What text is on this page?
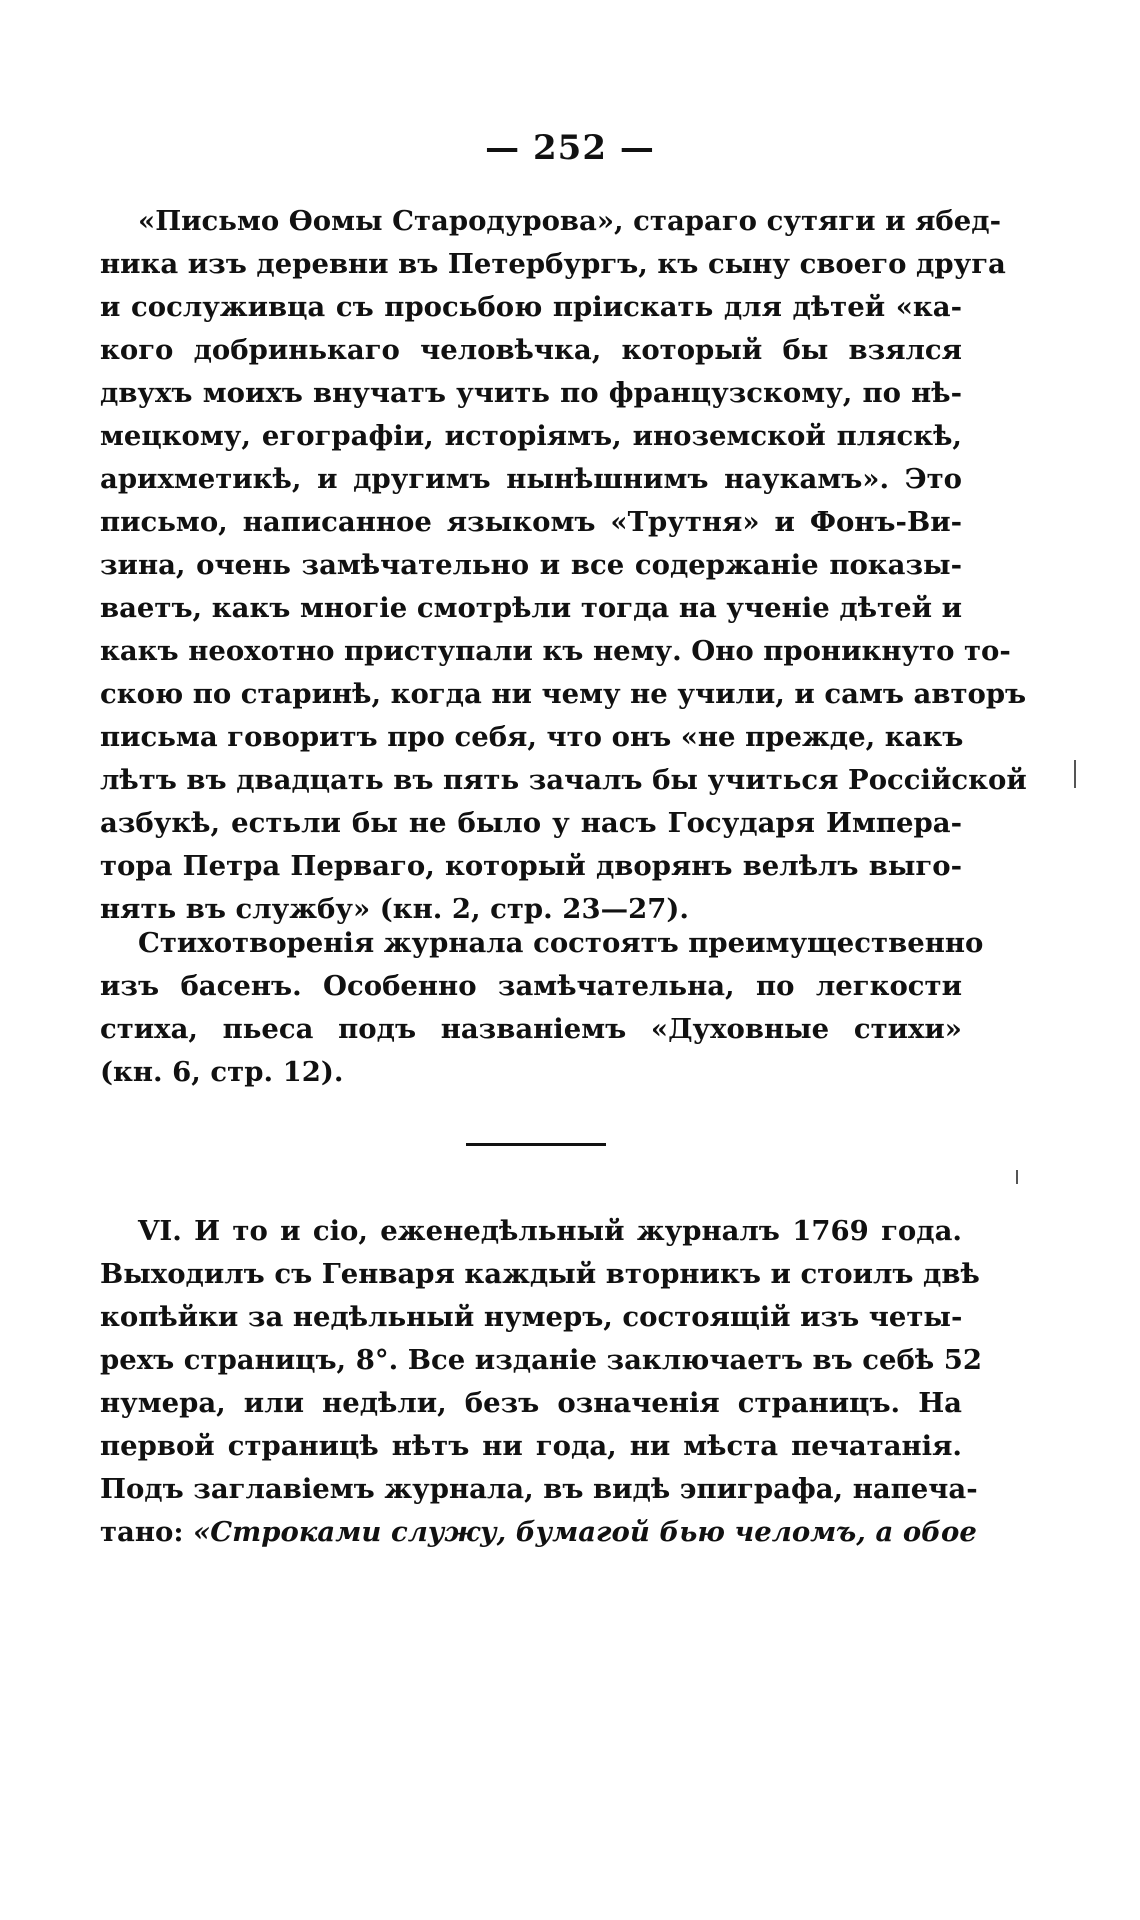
— 252 —
«Письмо Өомы Стародурова», стараго сутяги и ябед-
ника изъ деревни въ Петербургъ, къ сыну своего друга
и сослуживца съ просьбою пріискать для дѣтей «ка-
кого добринькаго человѣчка, который бы взялся
двухъ моихъ внучатъ учить по французскому, по нѣ-
мецкому, егографіи, исторіямъ, иноземской пляскѣ,
арихметикѣ, и другимъ нынѣшнимъ наукамъ». Это
письмо, написанное языкомъ «Трутня» и Фонъ-Ви-
зина, очень замѣчательно и все содержаніе показы-
ваетъ, какъ многіе смотрѣли тогда на ученіе дѣтей и
какъ неохотно приступали къ нему. Оно проникнуто то-
скою по старинѣ, когда ни чему не учили, и самъ авторъ
письма говоритъ про себя, что онъ «не прежде, какъ
лѣтъ въ двадцать въ пять зачалъ бы учиться Россійской
азбукѣ, естьли бы не было у насъ Государя Импера-
тора Петра Перваго, который дворянъ велѣлъ выго-
нять въ службу» (кн. 2, стр. 23—27).
Стихотворенія журнала состоятъ преимущественно
изъ басенъ. Особенно замѣчательна, по легкости
стиха, пьеса подъ названіемъ «Духовные стихи»
(кн. 6, стр. 12).
VI. И то и сіо, еженедѣльный журналъ 1769 года.
Выходилъ съ Генваря каждый вторникъ и стоилъ двѣ
копѣйки за недѣльный нумеръ, состоящій изъ четы-
рехъ страницъ, 8°. Все изданіе заключаетъ въ себѣ 52
нумера, или недѣли, безъ означенія страницъ. На
первой страницѣ нѣтъ ни года, ни мѣста печатанія.
Подъ заглавіемъ журнала, въ видѣ эпиграфа, напеча-
тано: «Строками служу, бумагой бью челомъ, а обое
